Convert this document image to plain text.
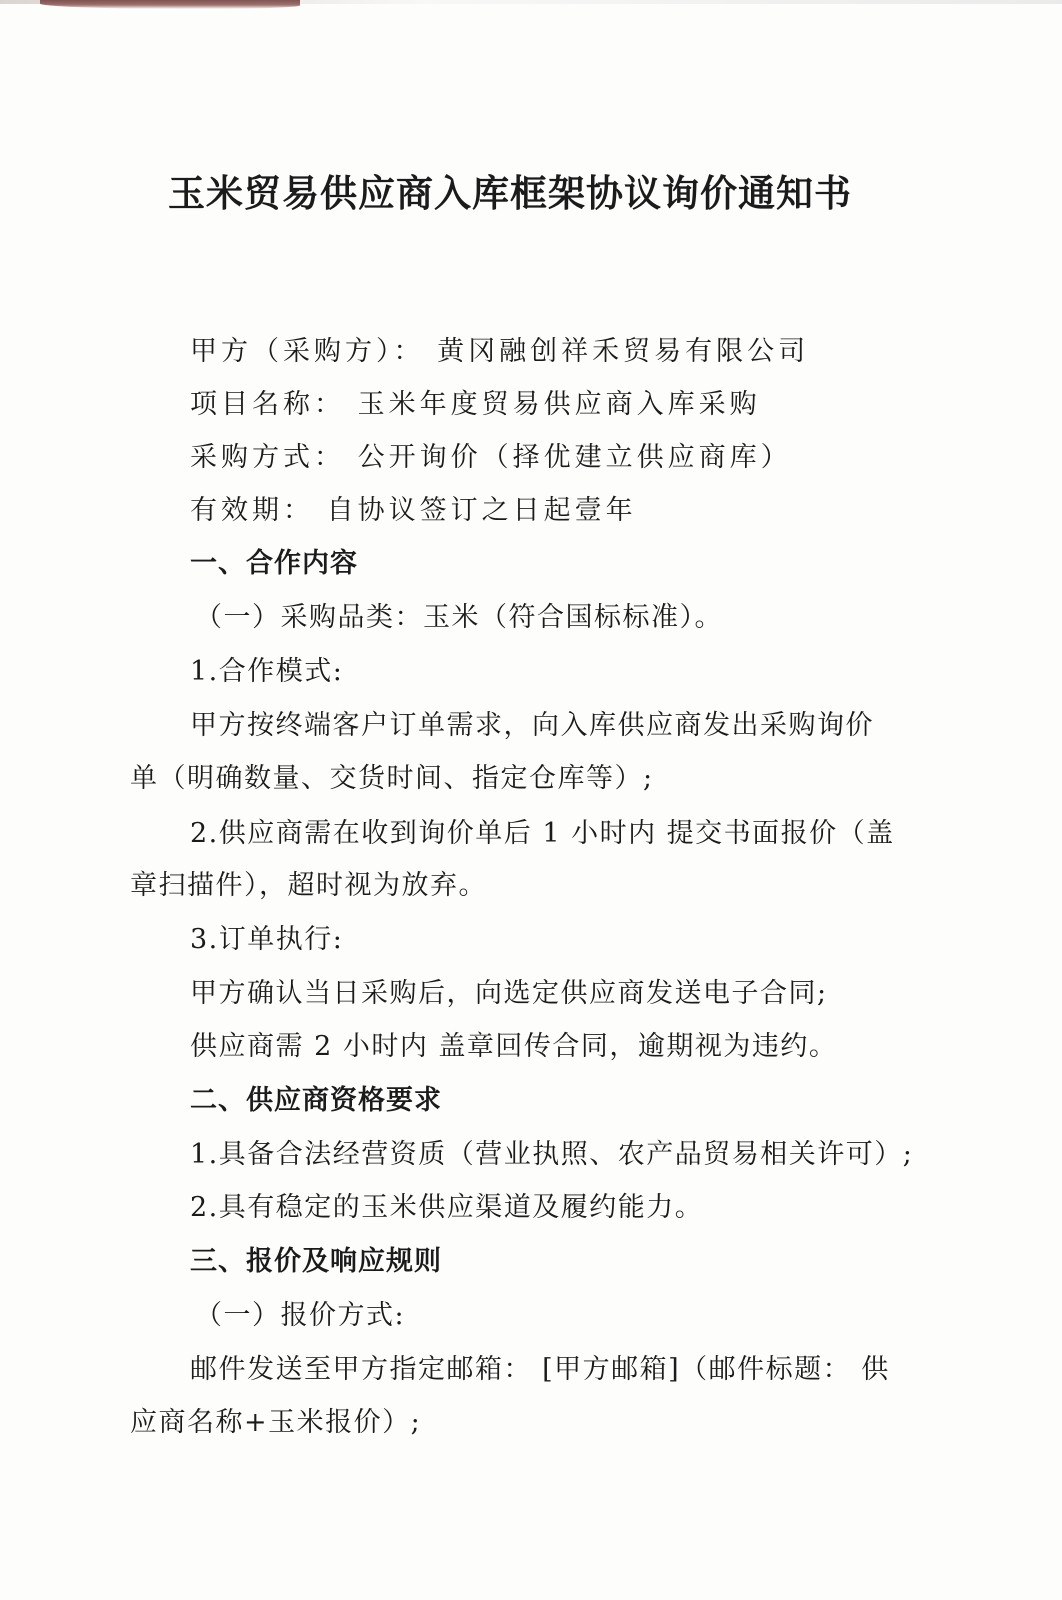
玉米贸易供应商入库框架协议询价通知书
甲方（采购方）： 黄冈融创祥禾贸易有限公司
项目名称： 玉米年度贸易供应商入库采购
采购方式： 公开询价（择优建立供应商库）
有效期： 自协议签订之日起壹年
一、合作内容
（一）采购品类：玉米（符合国标标准）。
1.合作模式:
甲方按终端客户订单需求，向入库供应商发出采购询价
单（明确数量、交货时间、指定仓库等）;
2.供应商需在收到询价单后 1 小时内 提交书面报价（盖
章扫描件），超时视为放弃。
3.订单执行:
甲方确认当日采购后，向选定供应商发送电子合同;
供应商需 2 小时内 盖章回传合同，逾期视为违约。
二、供应商资格要求
1.具备合法经营资质（营业执照、农产品贸易相关许可）;
2.具有稳定的玉米供应渠道及履约能力。
三、报价及响应规则
（一）报价方式:
邮件发送至甲方指定邮箱： [甲方邮箱]（邮件标题： 供
应商名称+玉米报价）;
